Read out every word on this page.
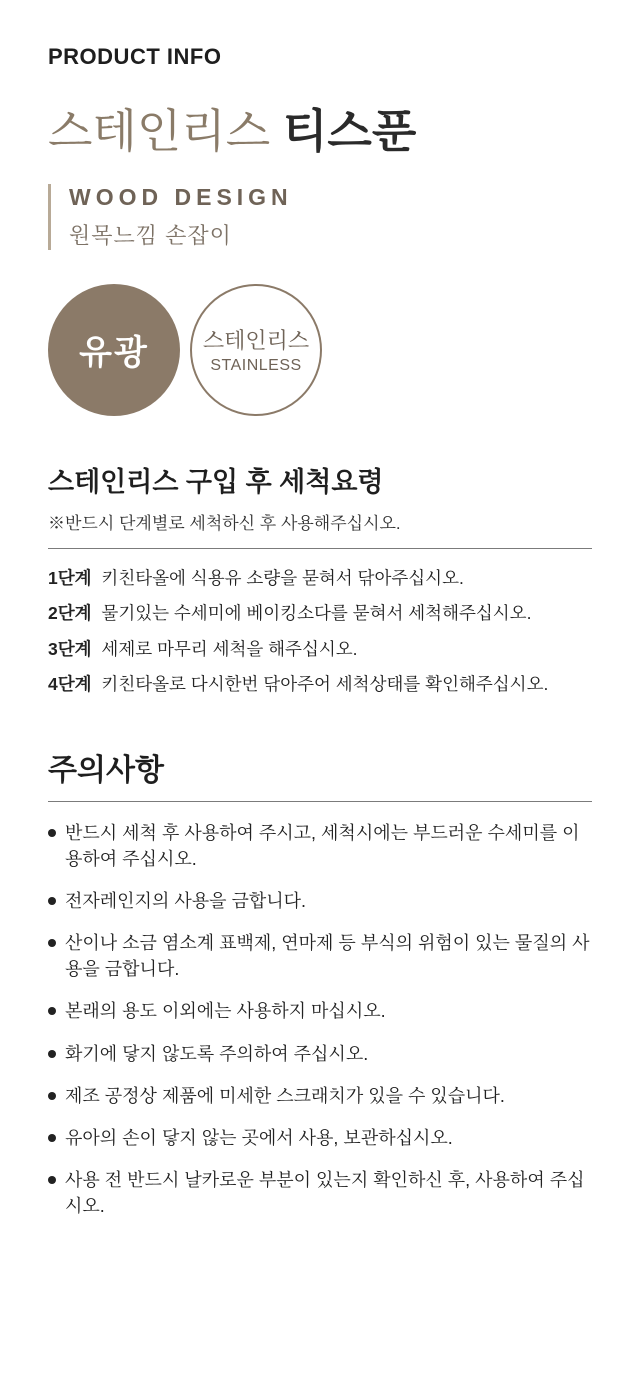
PRODUCT INFO
스테인리스 티스푼
WOOD DESIGN
원목느낌 손잡이
유광 스테인리스
STAINLESS
스테인리스 구입 후 세척요령

※반드시 단계별로 세척하신 후 사용해주십시오.

1단계 키친타올에 식용유 소량을 묻혀서 닦아주십시오.
2단계 물기있는 수세미에 베이킹소다를 묻혀서 세척해주십시오.
3단계 세제로 마무리 세척을 해주십시오.
4단계 키친타올로 다시한번 닦아주어 세척상태를 확인해주십시오.
주의사항
반드시 세척 후 사용하여 주시고, 세척시에는 부드러운 수세미를 이용하여 주십시오.
전자레인지의 사용을 금합니다.
산이나 소금 염소계 표백제, 연마제 등 부식의 위험이 있는 물질의 사용을 금합니다.
본래의 용도 이외에는 사용하지 마십시오.
화기에 닿지 않도록 주의하여 주십시오.
제조 공정상 제품에 미세한 스크래치가 있을 수 있습니다.
유아의 손이 닿지 않는 곳에서 사용, 보관하십시오.
사용 전 반드시 날카로운 부분이 있는지 확인하신 후, 사용하여 주십시오.
